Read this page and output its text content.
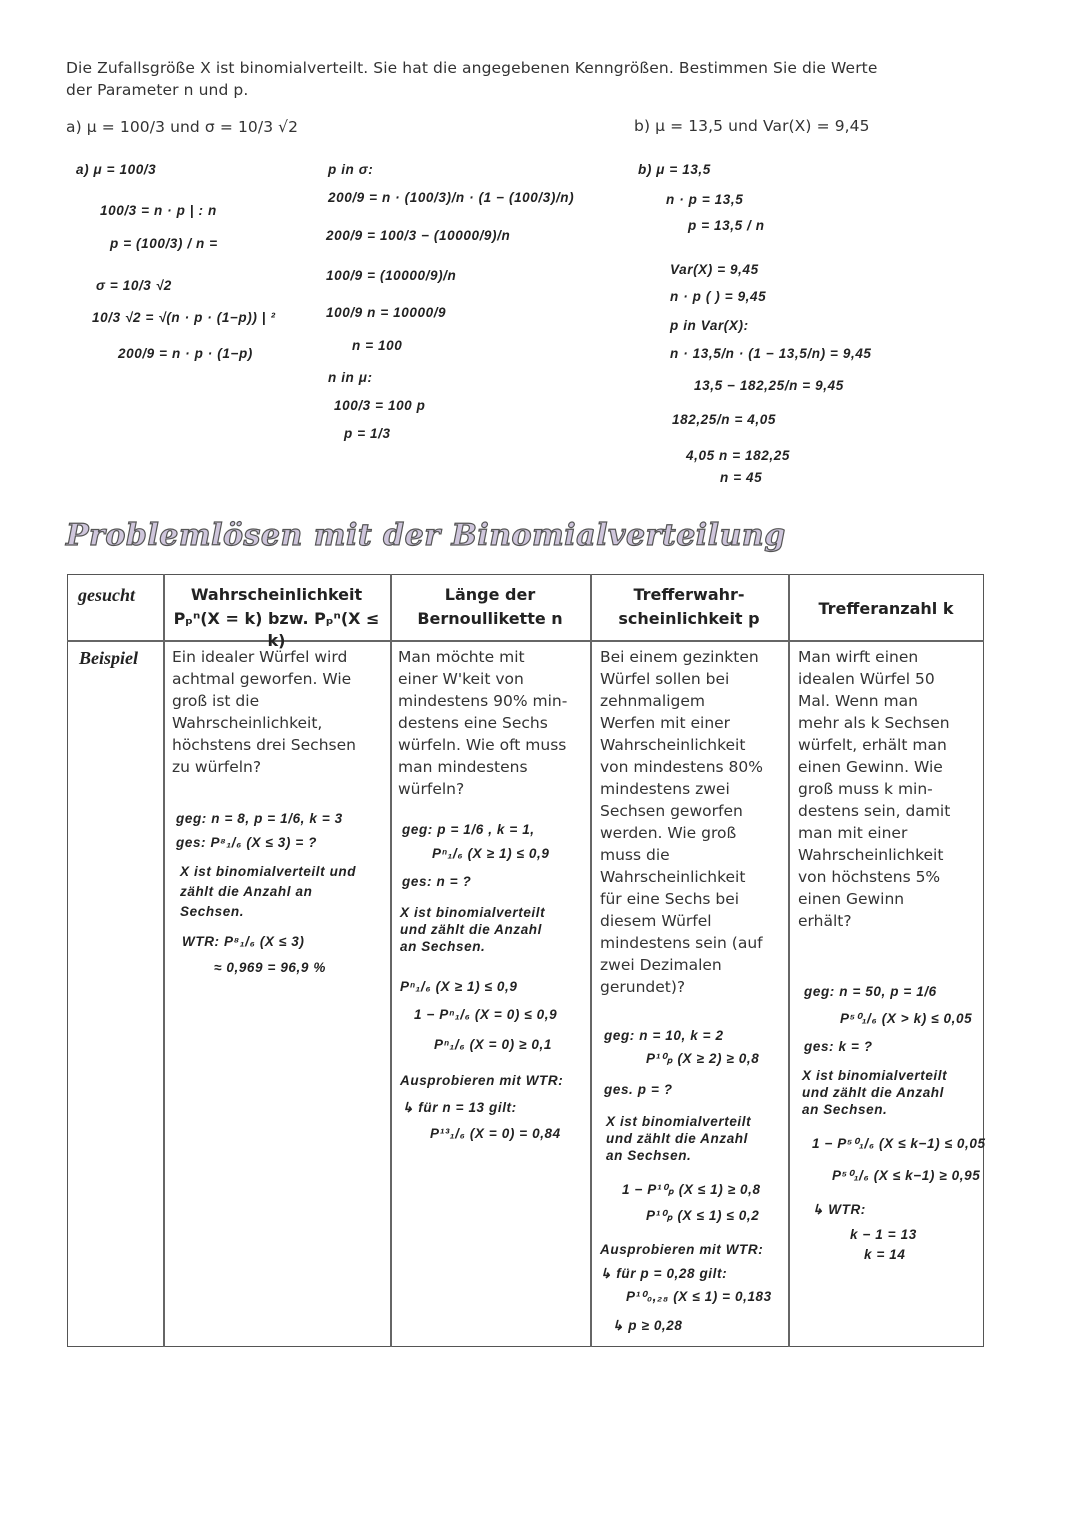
Problemlösen mit der Binomialverteilung
gesucht
Beispiel
Die Zufallsgröße X ist binomialverteilt. Sie hat die angegebenen Kenngrößen. Bestimmen Sie die Werte
der Parameter n und p.
a) μ = 100/3 und σ = 10/3 √2	b) μ = 13,5 und Var(X) = 9,45
a) μ = 100/3
100/3 = n · p | : n
p = (100/3) / n =
σ = 10/3 √2
10/3 √2 = √(n · p · (1−p)) | ²
200/9 = n · p · (1−p)
p in σ:
200/9 = n · (100/3)/n · (1 − (100/3)/n)
200/9 = 100/3 − (10000/9)/n
100/9 = (10000/9)/n
100/9 n = 10000/9
n = 100
n in μ:
100/3 = 100 p
p = 1/3
b) μ = 13,5
n · p = 13,5
p = 13,5 / n
Var(X) = 9,45
n · p ( ) = 9,45
p in Var(X):
n · 13,5/n · (1 − 13,5/n) = 9,45
13,5 − 182,25/n = 9,45
182,25/n = 4,05
4,05 n = 182,25
n = 45
Wahrscheinlichkeit
Pₚⁿ(X = k) bzw. Pₚⁿ(X ≤ k)
Länge der
Bernoullikette n
Trefferwahr-
scheinlichkeit p
Trefferanzahl k
Ein idealer Würfel wird
achtmal geworfen. Wie
groß ist die
Wahrscheinlichkeit,
höchstens drei Sechsen
zu würfeln?
Man möchte mit
einer W'keit von
mindestens 90% min-
destens eine Sechs
würfeln. Wie oft muss
man mindestens
würfeln?
Bei einem gezinkten
Würfel sollen bei
zehnmaligem
Werfen mit einer
Wahrscheinlichkeit
von mindestens 80%
mindestens zwei
Sechsen geworfen
werden. Wie groß
muss die
Wahrscheinlichkeit
für eine Sechs bei
diesem Würfel
mindestens sein (auf
zwei Dezimalen
gerundet)?
Man wirft einen
idealen Würfel 50
Mal. Wenn man
mehr als k Sechsen
würfelt, erhält man
einen Gewinn. Wie
groß muss k min-
destens sein, damit
man mit einer
Wahrscheinlichkeit
von höchstens 5%
einen Gewinn
erhält?
geg: n = 8, p = 1/6, k = 3
ges: P⁸₁/₆ (X ≤ 3) = ?
X ist binomialverteilt und
zählt die Anzahl an
Sechsen.
WTR: P⁸₁/₆ (X ≤ 3)
≈ 0,969 = 96,9 %
geg: p = 1/6 , k = 1,
Pⁿ₁/₆ (X ≥ 1) ≤ 0,9
ges: n = ?
X ist binomialverteilt
und zählt die Anzahl
an Sechsen.
Pⁿ₁/₆ (X ≥ 1) ≤ 0,9
1 − Pⁿ₁/₆ (X = 0) ≤ 0,9
Pⁿ₁/₆ (X = 0) ≥ 0,1
Ausprobieren mit WTR:
↳ für n = 13 gilt:
P¹³₁/₆ (X = 0) = 0,84
geg: n = 10, k = 2
P¹⁰ₚ (X ≥ 2) ≥ 0,8
ges. p = ?
X ist binomialverteilt
und zählt die Anzahl
an Sechsen.
1 − P¹⁰ₚ (X ≤ 1) ≥ 0,8
P¹⁰ₚ (X ≤ 1) ≤ 0,2
Ausprobieren mit WTR:
↳ für p = 0,28 gilt:
P¹⁰₀,₂₈ (X ≤ 1) = 0,183
↳ p ≥ 0,28
geg: n = 50, p = 1/6
P⁵⁰₁/₆ (X > k) ≤ 0,05
ges: k = ?
X ist binomialverteilt
und zählt die Anzahl
an Sechsen.
1 − P⁵⁰₁/₆ (X ≤ k−1) ≤ 0,05
P⁵⁰₁/₆ (X ≤ k−1) ≥ 0,95
↳ WTR:
k − 1 = 13
k = 14
